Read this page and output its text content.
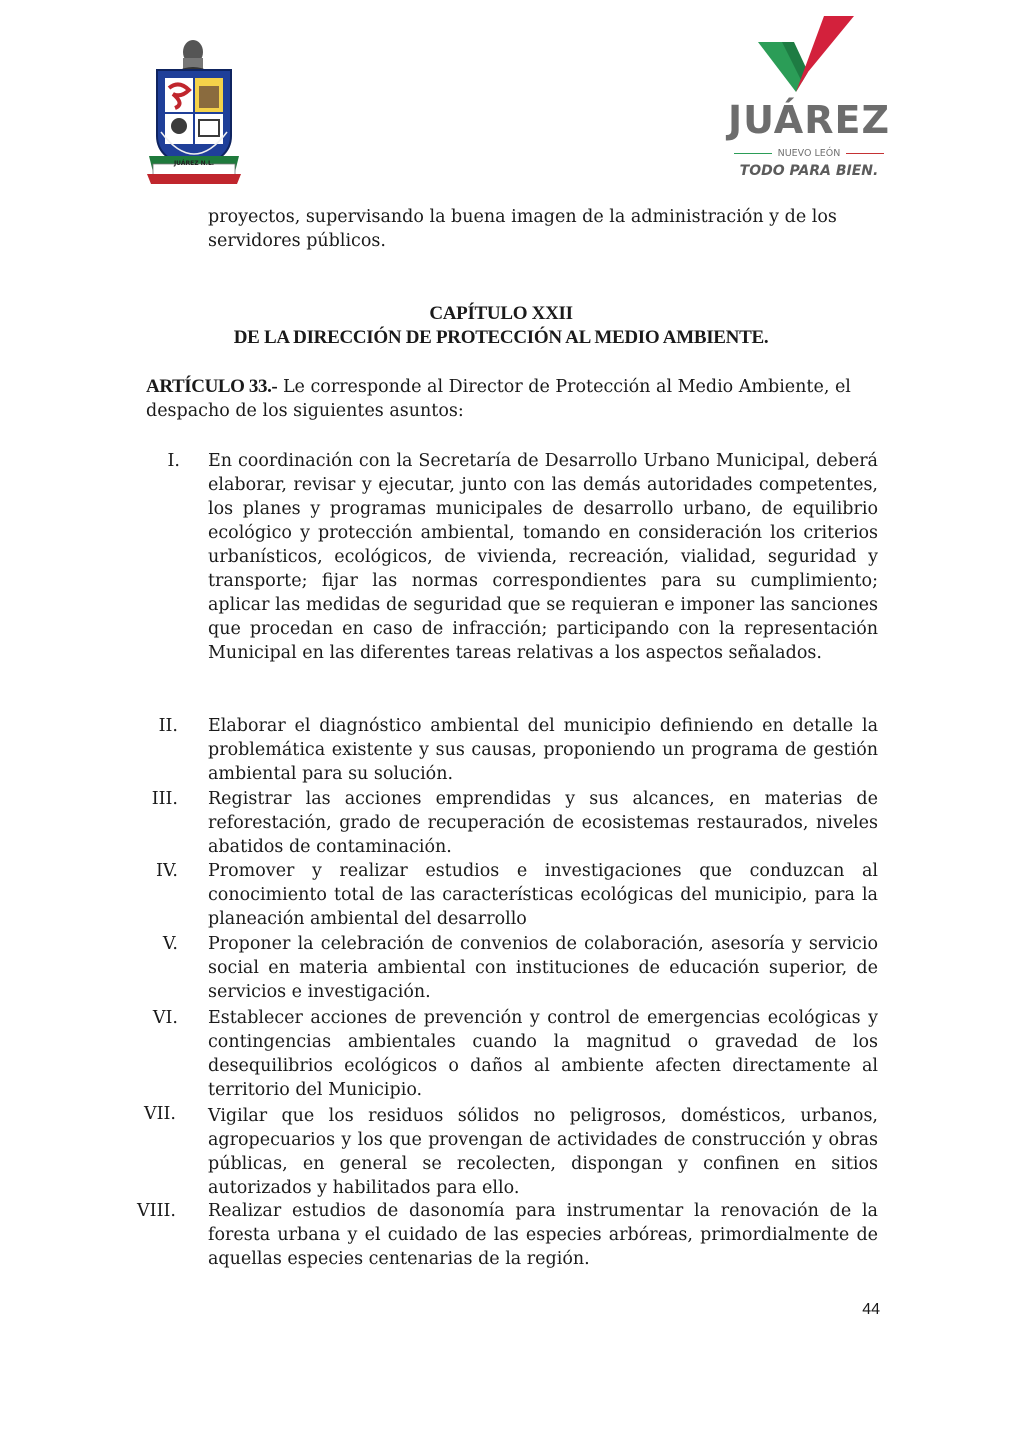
JUÁREZ N.L.
JUÁREZ
NUEVO LEÓN
TODO PARA BIEN.
proyectos, supervisando la buena imagen de la administración y de los servidores públicos.
CAPÍTULO XXII
DE LA DIRECCIÓN DE PROTECCIÓN AL MEDIO AMBIENTE.
ARTÍCULO 33.- Le corresponde al Director de Protección al Medio Ambiente, el despacho de los siguientes asuntos:
I. En coordinación con la Secretaría de Desarrollo Urbano Municipal, deberá elaborar, revisar y ejecutar, junto con las demás autoridades competentes, los planes y programas municipales de desarrollo urbano, de equilibrio ecológico y protección ambiental, tomando en consideración los criterios urbanísticos, ecológicos, de vivienda, recreación, vialidad, seguridad y transporte; fijar las normas correspondientes para su cumplimiento; aplicar las medidas de seguridad que se requieran e imponer las sanciones que procedan en caso de infracción; participando con la representación Municipal en las diferentes tareas relativas a los aspectos señalados.
II. Elaborar el diagnóstico ambiental del municipio definiendo en detalle la problemática existente y sus causas, proponiendo un programa de gestión ambiental para su solución.
III. Registrar las acciones emprendidas y sus alcances, en materias de reforestación, grado de recuperación de ecosistemas restaurados, niveles abatidos de contaminación.
IV. Promover y realizar estudios e investigaciones que conduzcan al conocimiento total de las características ecológicas del municipio, para la planeación ambiental del desarrollo
V. Proponer la celebración de convenios de colaboración, asesoría y servicio social en materia ambiental con instituciones de educación superior, de servicios e investigación.
VI. Establecer acciones de prevención y control de emergencias ecológicas y contingencias ambientales cuando la magnitud o gravedad de los desequilibrios ecológicos o daños al ambiente afecten directamente al territorio del Municipio.
VII. Vigilar que los residuos sólidos no peligrosos, domésticos, urbanos, agropecuarios y los que provengan de actividades de construcción y obras públicas, en general se recolecten, dispongan y confinen en sitios autorizados y habilitados para ello.
VIII. Realizar estudios de dasonomía para instrumentar la renovación de la foresta urbana y el cuidado de las especies arbóreas, primordialmente de aquellas especies centenarias de la región.
44
